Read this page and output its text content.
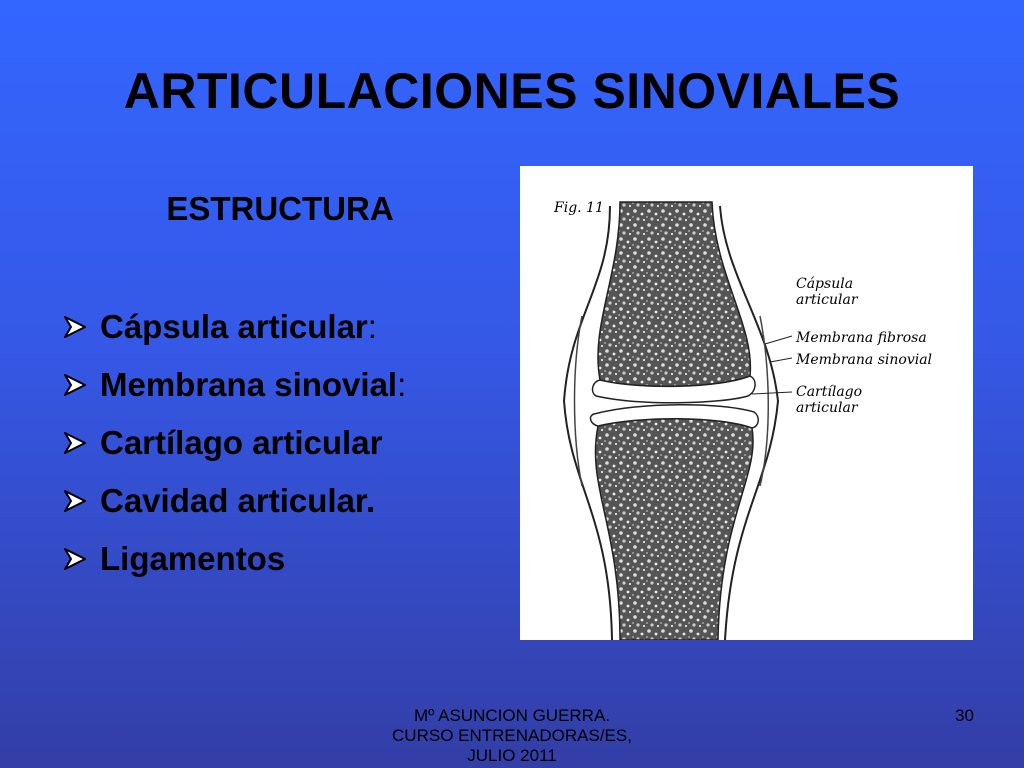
ARTICULACIONES SINOVIALES
ESTRUCTURA
Cápsula articular :
Membrana sinovial :
Cartílago articular
Cavidad articular.
Ligamentos
Fig. 11
Cápsula
articular
Membrana fibrosa
Membrana sinovial
Cartílago
articular
Mº ASUNCION GUERRA.
CURSO ENTRENADORAS/ES,
JULIO 2011
30
